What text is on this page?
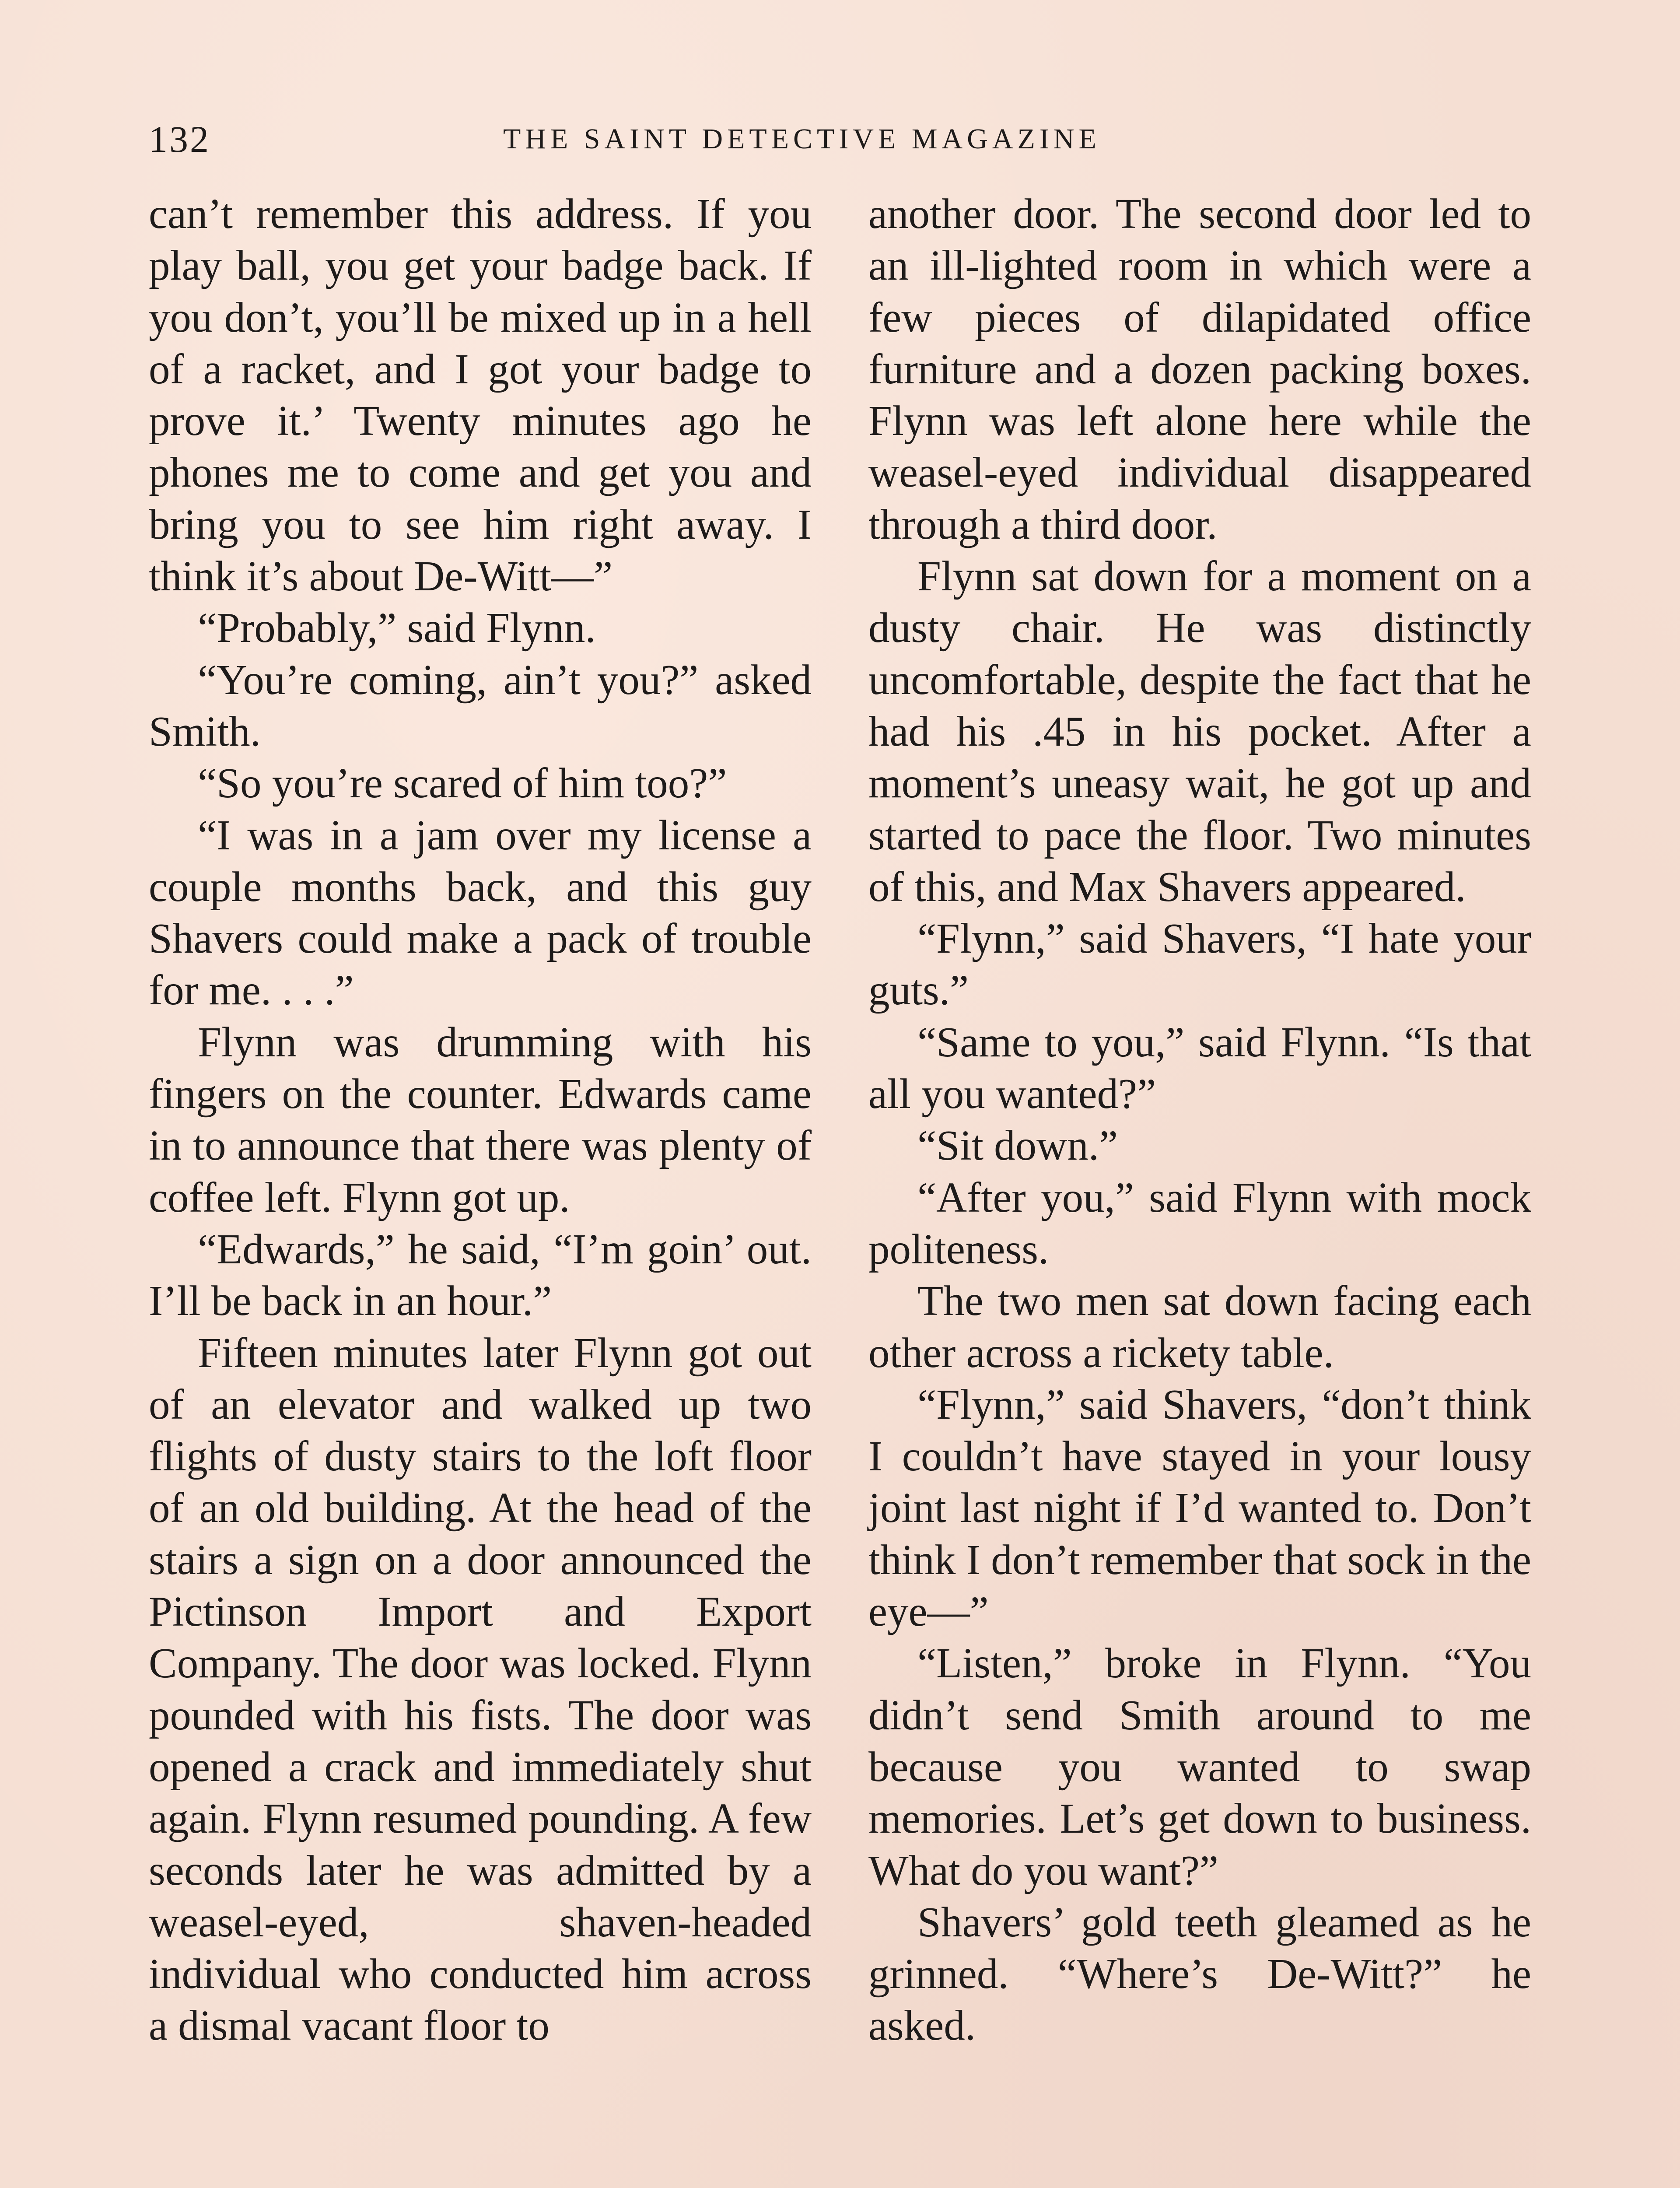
132	THE SAINT DETECTIVE MAGAZINE

can’t remember this address. If you play ball, you get your badge back. If you don’t, you’ll be mixed up in a hell of a racket, and I got your badge to prove it.’ Twenty minutes ago he phones me to come and get you and bring you to see him right away. I think it’s about De-Witt—”

“Probably,” said Flynn.

“You’re coming, ain’t you?” asked Smith.

“So you’re scared of him too?”

“I was in a jam over my license a couple months back, and this guy Shavers could make a pack of trouble for me. . . .”

Flynn was drumming with his fingers on the counter. Edwards came in to announce that there was plenty of coffee left. Flynn got up.

“Edwards,” he said, “I’m goin’ out. I’ll be back in an hour.”

Fifteen minutes later Flynn got out of an elevator and walked up two flights of dusty stairs to the loft floor of an old building. At the head of the stairs a sign on a door announced the Pictinson Import and Export Company. The door was locked. Flynn pounded with his fists. The door was opened a crack and immediately shut again. Flynn resumed pounding. A few seconds later he was admitted by a weasel-eyed, shaven-headed individual who conducted him across a dismal vacant floor to

another door. The second door led to an ill-lighted room in which were a few pieces of dilapidated office furniture and a dozen packing boxes. Flynn was left alone here while the weasel-eyed individual disappeared through a third door.

Flynn sat down for a moment on a dusty chair. He was distinctly uncomfortable, despite the fact that he had his .45 in his pocket. After a moment’s uneasy wait, he got up and started to pace the floor. Two minutes of this, and Max Shavers appeared.

“Flynn,” said Shavers, “I hate your guts.”

“Same to you,” said Flynn. “Is that all you wanted?”

“Sit down.”

“After you,” said Flynn with mock politeness.

The two men sat down facing each other across a rickety table.

“Flynn,” said Shavers, “don’t think I couldn’t have stayed in your lousy joint last night if I’d wanted to. Don’t think I don’t remember that sock in the eye—”

“Listen,” broke in Flynn. “You didn’t send Smith around to me because you wanted to swap memories. Let’s get down to business. What do you want?”

Shavers’ gold teeth gleamed as he grinned. “Where’s De-Witt?” he asked.
